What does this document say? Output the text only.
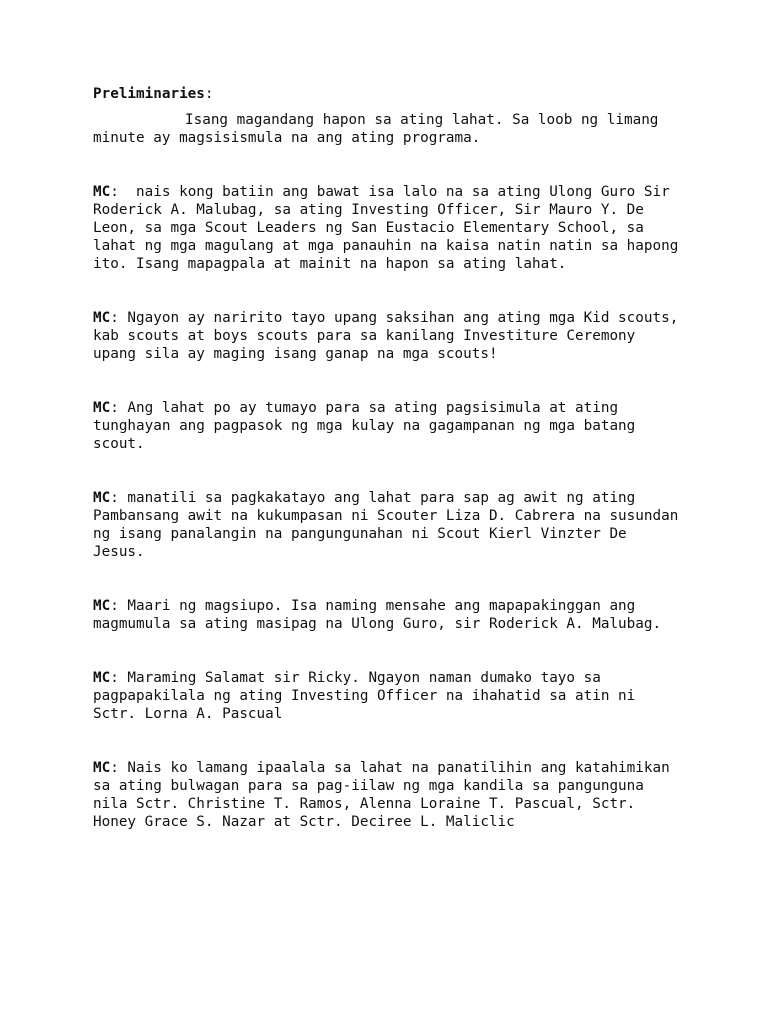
Preliminaries:

Isang magandang hapon sa ating lahat. Sa loob ng limang minute ay magsisismula na ang ating programa.

MC:  nais kong batiin ang bawat isa lalo na sa ating Ulong Guro Sir Roderick A. Malubag, sa ating Investing Officer, Sir Mauro Y. De Leon, sa mga Scout Leaders ng San Eustacio Elementary School, sa lahat ng mga magulang at mga panauhin na kaisa natin natin sa hapong ito. Isang mapagpala at mainit na hapon sa ating lahat.

MC: Ngayon ay naririto tayo upang saksihan ang ating mga Kid scouts, kab scouts at boys scouts para sa kanilang Investiture Ceremony upang sila ay maging isang ganap na mga scouts!

MC: Ang lahat po ay tumayo para sa ating pagsisimula at ating tunghayan ang pagpasok ng mga kulay na gagampanan ng mga batang scout.

MC: manatili sa pagkakatayo ang lahat para sap ag awit ng ating Pambansang awit na kukumpasan ni Scouter Liza D. Cabrera na susundan ng isang panalangin na pangungunahan ni Scout Kierl Vinzter De Jesus.

MC: Maari ng magsiupo. Isa naming mensahe ang mapapakinggan ang magmumula sa ating masipag na Ulong Guro, sir Roderick A. Malubag.

MC: Maraming Salamat sir Ricky. Ngayon naman dumako tayo sa pagpapakilala ng ating Investing Officer na ihahatid sa atin ni Sctr. Lorna A. Pascual

MC: Nais ko lamang ipaalala sa lahat na panatilihin ang katahimikan sa ating bulwagan para sa pag-iilaw ng mga kandila sa pangunguna nila Sctr. Christine T. Ramos, Alenna Loraine T. Pascual, Sctr. Honey Grace S. Nazar at Sctr. Deciree L. Maliclic
